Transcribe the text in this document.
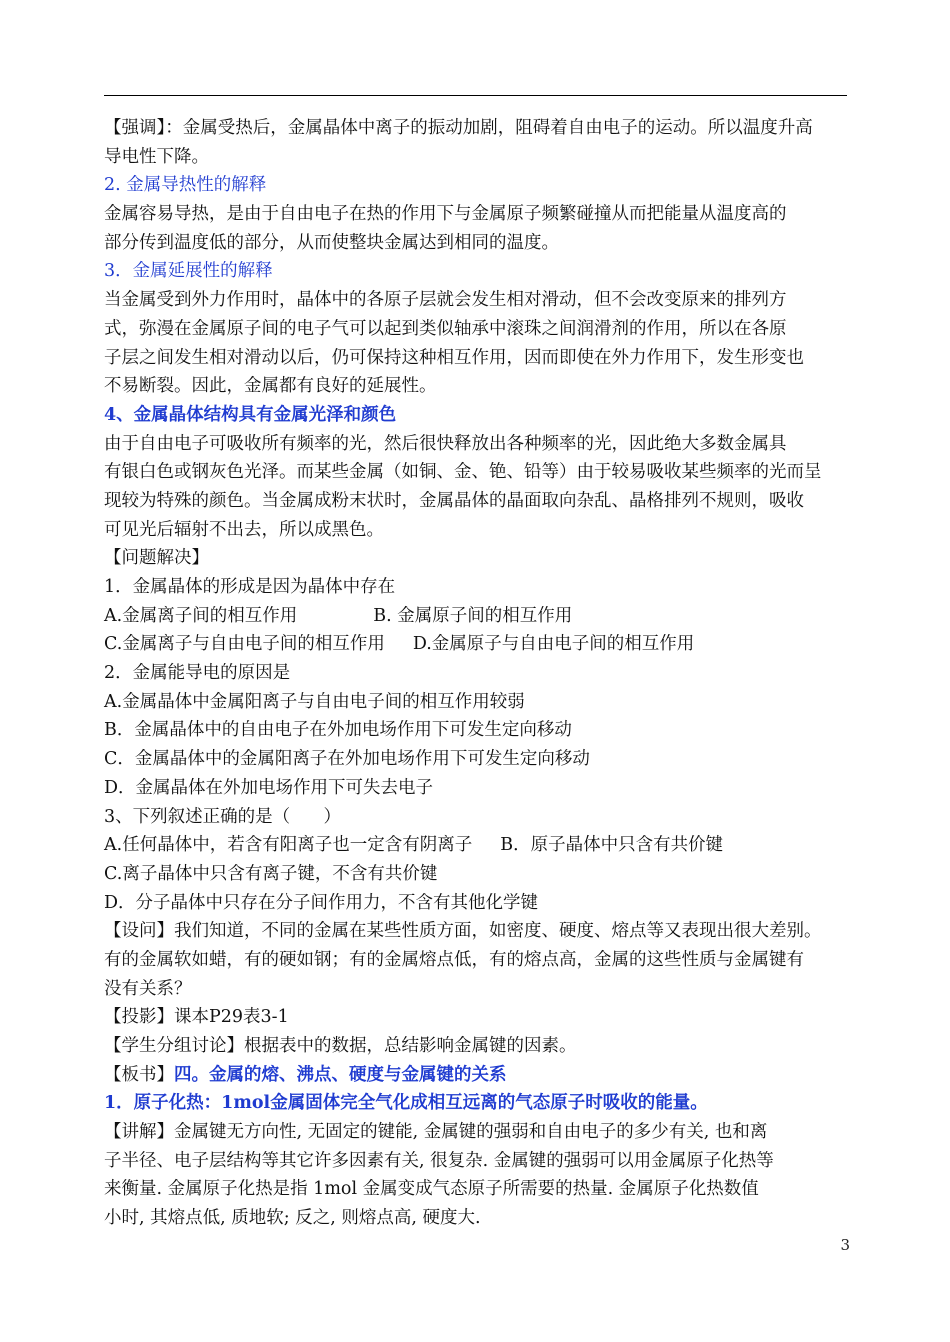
【强调】：金属受热后，金属晶体中离子的振动加剧，阻碍着自由电子的运动。所以温度升高
导电性下降。
2. 金属导热性的解释
金属容易导热，是由于自由电子在热的作用下与金属原子频繁碰撞从而把能量从温度高的
部分传到温度低的部分，从而使整块金属达到相同的温度。
3．金属延展性的解释
当金属受到外力作用时，晶体中的各原子层就会发生相对滑动，但不会改变原来的排列方
式，弥漫在金属原子间的电子气可以起到类似轴承中滚珠之间润滑剂的作用，所以在各原
子层之间发生相对滑动以后，仍可保持这种相互作用，因而即使在外力作用下，发生形变也
不易断裂。因此，金属都有良好的延展性。
4、金属晶体结构具有金属光泽和颜色
由于自由电子可吸收所有频率的光，然后很快释放出各种频率的光，因此绝大多数金属具
有银白色或钢灰色光泽。而某些金属（如铜、金、铯、铅等）由于较易吸收某些频率的光而呈
现较为特殊的颜色。当金属成粉末状时，金属晶体的晶面取向杂乱、晶格排列不规则，吸收
可见光后辐射不出去，所以成黑色。
【问题解决】
1．金属晶体的形成是因为晶体中存在
A.金属离子间的相互作用	B. 金属原子间的相互作用
C.金属离子与自由电子间的相互作用 D.金属原子与自由电子间的相互作用
2．金属能导电的原因是
A.金属晶体中金属阳离子与自由电子间的相互作用较弱
B．金属晶体中的自由电子在外加电场作用下可发生定向移动
C．金属晶体中的金属阳离子在外加电场作用下可发生定向移动
D．金属晶体在外加电场作用下可失去电子
3、下列叙述正确的是（      ）
A.任何晶体中，若含有阳离子也一定含有阴离子 B．原子晶体中只含有共价键
C.离子晶体中只含有离子键，不含有共价键
D．分子晶体中只存在分子间作用力，不含有其他化学键
【设问】我们知道，不同的金属在某些性质方面，如密度、硬度、熔点等又表现出很大差别。
有的金属软如蜡，有的硬如钢；有的金属熔点低，有的熔点高，金属的这些性质与金属键有
没有关系？
【投影】课本P29表3-1
【学生分组讨论】根据表中的数据，总结影响金属键的因素。
【板书】四。金属的熔、沸点、硬度与金属键的关系
1．原子化热：1mol金属固体完全气化成相互远离的气态原子时吸收的能量。
【讲解】金属键无方向性, 无固定的键能, 金属键的强弱和自由电子的多少有关, 也和离
子半径、电子层结构等其它许多因素有关, 很复杂. 金属键的强弱可以用金属原子化热等
来衡量. 金属原子化热是指 1mol 金属变成气态原子所需要的热量. 金属原子化热数值
小时, 其熔点低, 质地软; 反之, 则熔点高, 硬度大.
3
